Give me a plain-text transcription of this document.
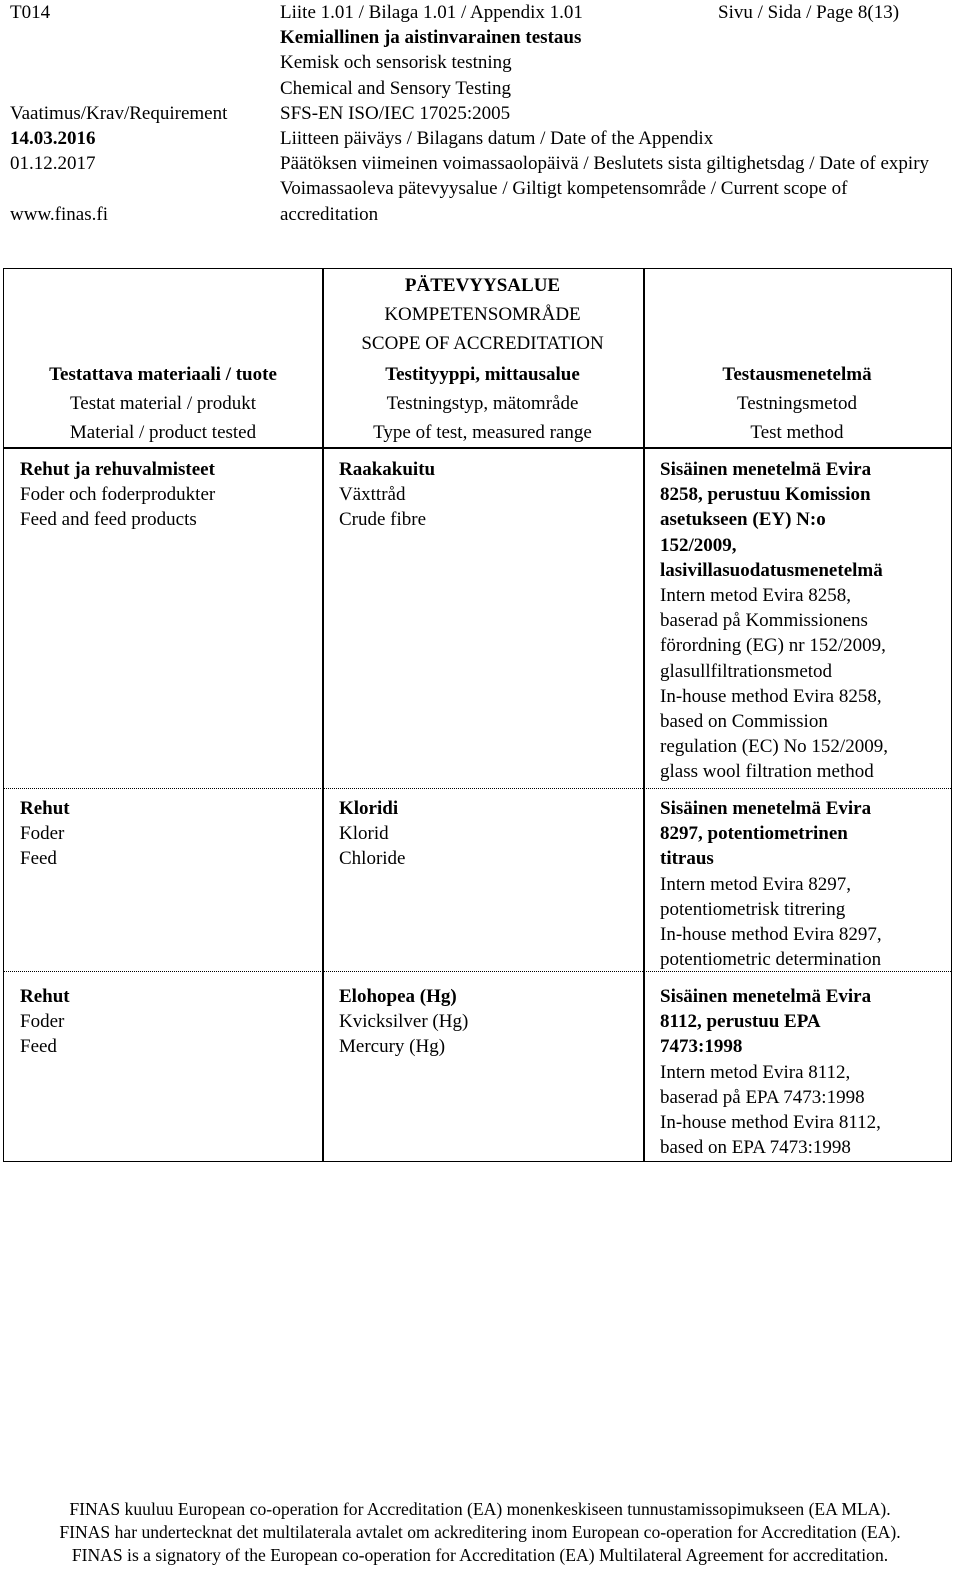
T014
Vaatimus/Krav/Requirement
14.03.2016
01.12.2017
www.finas.fi
Liite 1.01 / Bilaga 1.01 / Appendix 1.01
Kemiallinen ja aistinvarainen testaus
Kemisk och sensorisk testning
Chemical and Sensory Testing
SFS-EN ISO/IEC 17025:2005
Liitteen päiväys / Bilagans datum / Date of the Appendix
Päätöksen viimeinen voimassaolopäivä / Beslutets sista giltighetsdag / Date of expiry
Voimassaoleva pätevyysalue / Giltigt kompetensområde / Current scope of accreditation
Sivu / Sida / Page 8(13)
PÄTEVYYSALUE
KOMPETENSOMRÅDE
SCOPE OF ACCREDITATION
Testattava materiaali / tuote
Testat material / produkt
Material / product tested
Testityyppi, mittausalue
Testningstyp, mätområde
Type of test, measured range
Testausmenetelmä
Testningsmetod
Test method
Rehut ja rehuvalmisteet
Foder och foderprodukter
Feed and feed products
Raakakuitu
Växttråd
Crude fibre
Sisäinen menetelmä Evira
8258, perustuu Komission
asetukseen (EY) N:o
152/2009,
lasivillasuodatusmenetelmä
Intern metod Evira 8258,
baserad på Kommissionens
förordning (EG) nr 152/2009,
glasullfiltrationsmetod
In-house method Evira 8258,
based on Commission
regulation (EC) No 152/2009,
glass wool filtration method
Rehut
Foder
Feed
Kloridi
Klorid
Chloride
Sisäinen menetelmä Evira
8297, potentiometrinen
titraus
Intern metod Evira 8297,
potentiometrisk titrering
In-house method Evira 8297,
potentiometric determination
Rehut
Foder
Feed
Elohopea (Hg)
Kvicksilver (Hg)
Mercury (Hg)
Sisäinen menetelmä Evira
8112, perustuu EPA
7473:1998
Intern metod Evira 8112,
baserad på EPA 7473:1998
In-house method Evira 8112,
based on EPA 7473:1998
FINAS kuuluu European co-operation for Accreditation (EA) monenkeskiseen tunnustamissopimukseen (EA MLA).
FINAS har undertecknat det multilaterala avtalet om ackreditering inom European co-operation for Accreditation (EA).
FINAS is a signatory of the European co-operation for Accreditation (EA) Multilateral Agreement for accreditation.
